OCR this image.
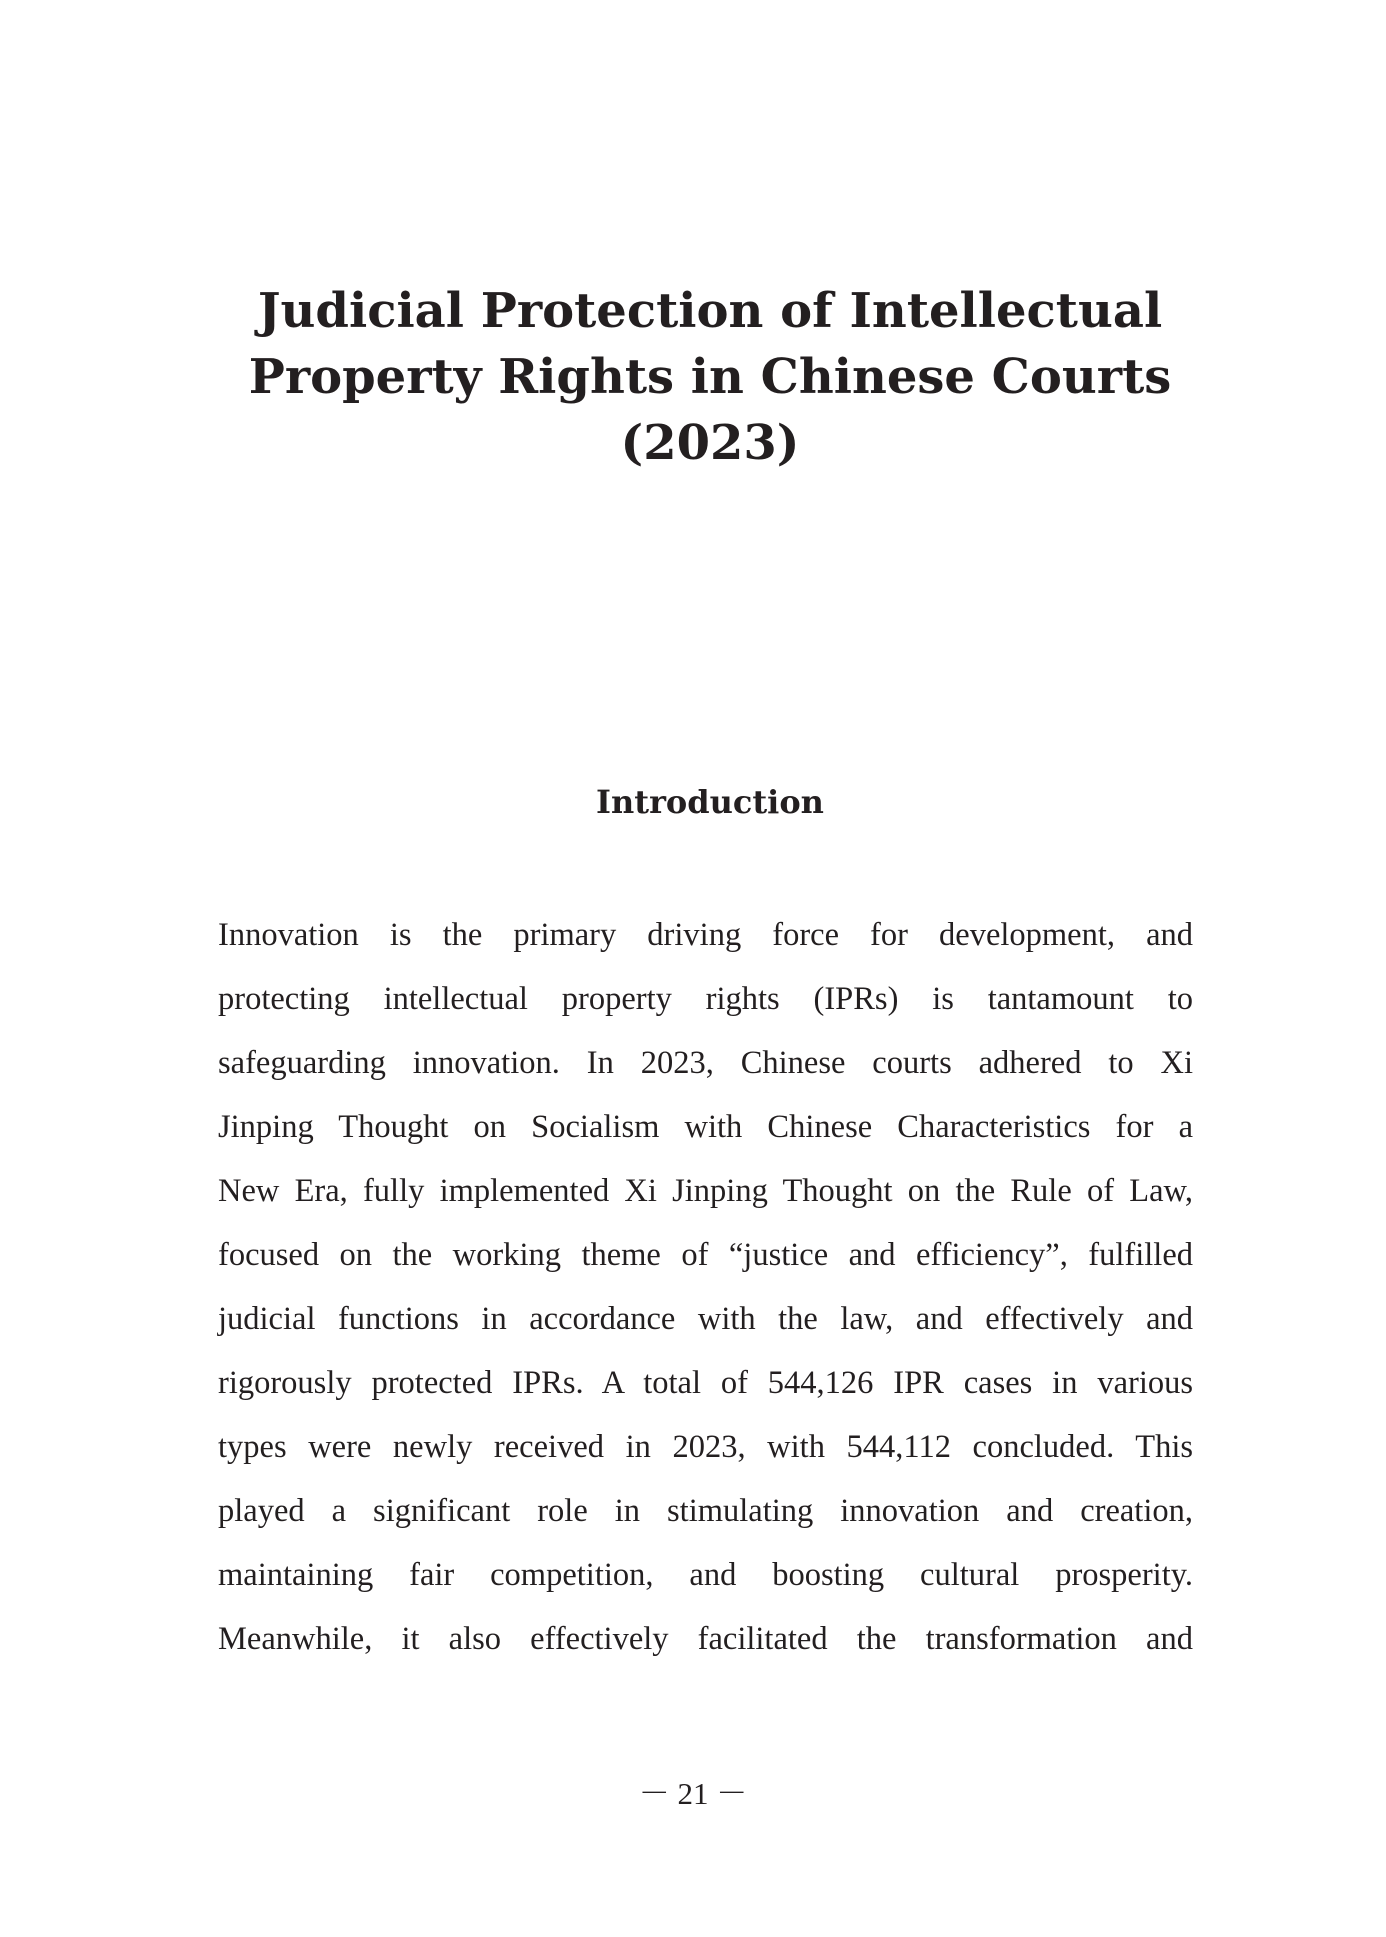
Judicial Protection of Intellectual
Property Rights in Chinese Courts
(2023)
Introduction

Innovation is the primary driving force for development, and

protecting intellectual property rights (IPRs) is tantamount to

safeguarding innovation. In 2023, Chinese courts adhered to Xi

Jinping Thought on Socialism with Chinese Characteristics for a

New Era, fully implemented Xi Jinping Thought on the Rule of Law,

focused on the working theme of “justice and efficiency”, fulfilled

judicial functions in accordance with the law, and effectively and

rigorously protected IPRs. A total of 544,126 IPR cases in various

types were newly received in 2023, with 544,112 concluded. This

played a significant role in stimulating innovation and creation,

maintaining fair competition, and boosting cultural prosperity.

Meanwhile, it also effectively facilitated the transformation and

－ 21 －
